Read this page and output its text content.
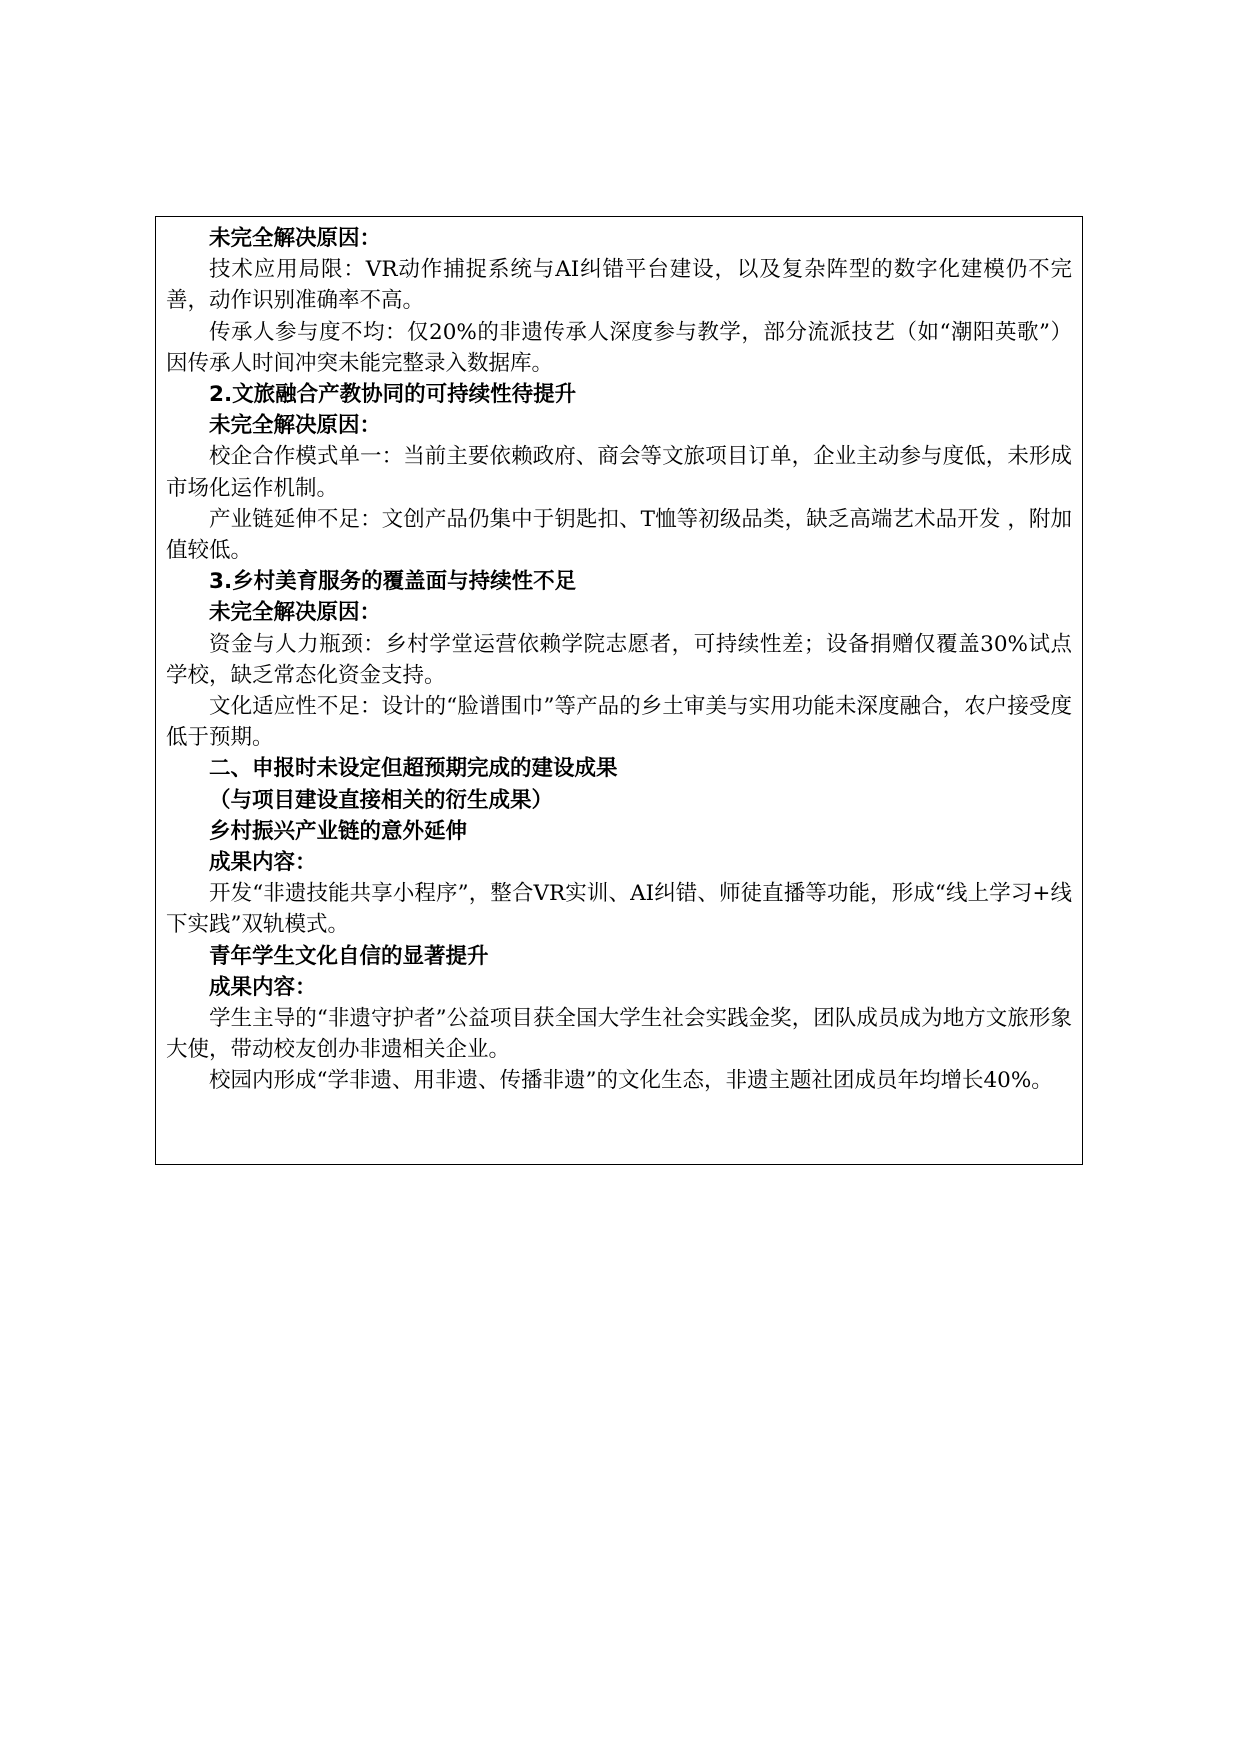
未完全解决原因：

技术应用局限：VR动作捕捉系统与AI纠错平台建设，以及复杂阵型的数字化建模仍不完善，动作识别准确率不高。

传承人参与度不均：仅20%的非遗传承人深度参与教学，部分流派技艺（如“潮阳英歌”）因传承人时间冲突未能完整录入数据库。

2.文旅融合产教协同的可持续性待提升
未完全解决原因：

校企合作模式单一：当前主要依赖政府、商会等文旅项目订单，企业主动参与度低，未形成市场化运作机制。

产业链延伸不足：文创产品仍集中于钥匙扣、T恤等初级品类，缺乏高端艺术品开发 ，附加值较低。

3.乡村美育服务的覆盖面与持续性不足
未完全解决原因：

资金与人力瓶颈：乡村学堂运营依赖学院志愿者，可持续性差；设备捐赠仅覆盖30%试点学校，缺乏常态化资金支持。

文化适应性不足：设计的“脸谱围巾”等产品的乡土审美与实用功能未深度融合，农户接受度低于预期。

二、申报时未设定但超预期完成的建设成果
（与项目建设直接相关的衍生成果）
乡村振兴产业链的意外延伸
成果内容：

开发“非遗技能共享小程序”，整合VR实训、AI纠错、师徒直播等功能，形成“线上学习+线下实践”双轨模式。

青年学生文化自信的显著提升
成果内容：

学生主导的“非遗守护者”公益项目获全国大学生社会实践金奖，团队成员成为地方文旅形象大使，带动校友创办非遗相关企业。

校园内形成“学非遗、用非遗、传播非遗”的文化生态，非遗主题社团成员年均增长40%。
